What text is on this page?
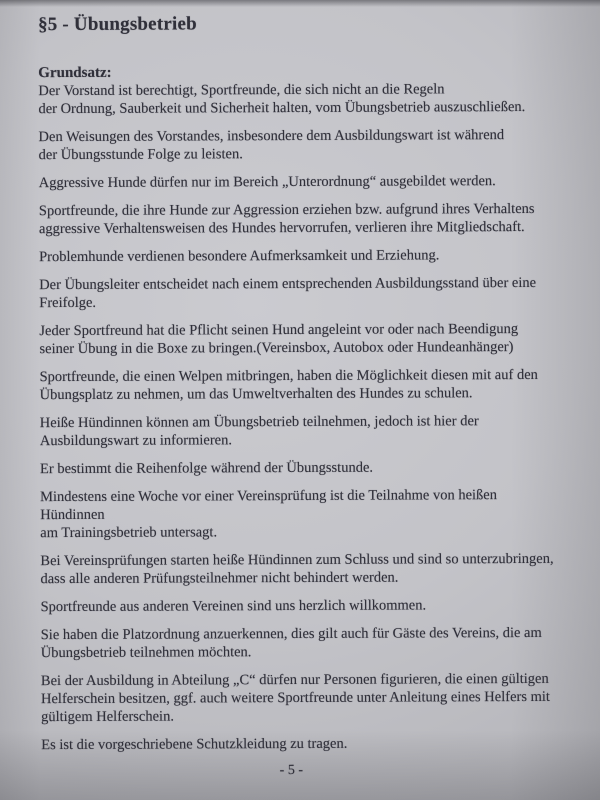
§5 - Übungsbetrieb
Grundsatz:

Der Vorstand ist berechtigt, Sportfreunde, die sich nicht an die Regeln
der Ordnung, Sauberkeit und Sicherheit halten, vom Übungsbetrieb auszuschließen.

Den Weisungen des Vorstandes, insbesondere dem Ausbildungswart ist während
der Übungsstunde Folge zu leisten.

Aggressive Hunde dürfen nur im Bereich „Unterordnung“ ausgebildet werden.

Sportfreunde, die ihre Hunde zur Aggression erziehen bzw. aufgrund ihres Verhaltens
aggressive Verhaltensweisen des Hundes hervorrufen, verlieren ihre Mitgliedschaft.

Problemhunde verdienen besondere Aufmerksamkeit und Erziehung.

Der Übungsleiter entscheidet nach einem entsprechenden Ausbildungsstand über eine
Freifolge.

Jeder Sportfreund hat die Pflicht seinen Hund angeleint vor oder nach Beendigung
seiner Übung in die Boxe zu bringen.(Vereinsbox, Autobox oder Hundeanhänger)

Sportfreunde, die einen Welpen mitbringen, haben die Möglichkeit diesen mit auf den
Übungsplatz zu nehmen, um das Umweltverhalten des Hundes zu schulen.

Heiße Hündinnen können am Übungsbetrieb teilnehmen, jedoch ist hier der
Ausbildungswart zu informieren.

Er bestimmt die Reihenfolge während der Übungsstunde.

Mindestens eine Woche vor einer Vereinsprüfung ist die Teilnahme von heißen Hündinnen
am Trainingsbetrieb untersagt.

Bei Vereinsprüfungen starten heiße Hündinnen zum Schluss und sind so unterzubringen,
dass alle anderen Prüfungsteilnehmer nicht behindert werden.

Sportfreunde aus anderen Vereinen sind uns herzlich willkommen.

Sie haben die Platzordnung anzuerkennen, dies gilt auch für Gäste des Vereins, die am
Übungsbetrieb teilnehmen möchten.

Bei der Ausbildung in Abteilung „C“ dürfen nur Personen figurieren, die einen gültigen
Helferschein besitzen, ggf. auch weitere Sportfreunde unter Anleitung eines Helfers mit
gültigem Helferschein.

Es ist die vorgeschriebene Schutzkleidung zu tragen.

- 5 -
